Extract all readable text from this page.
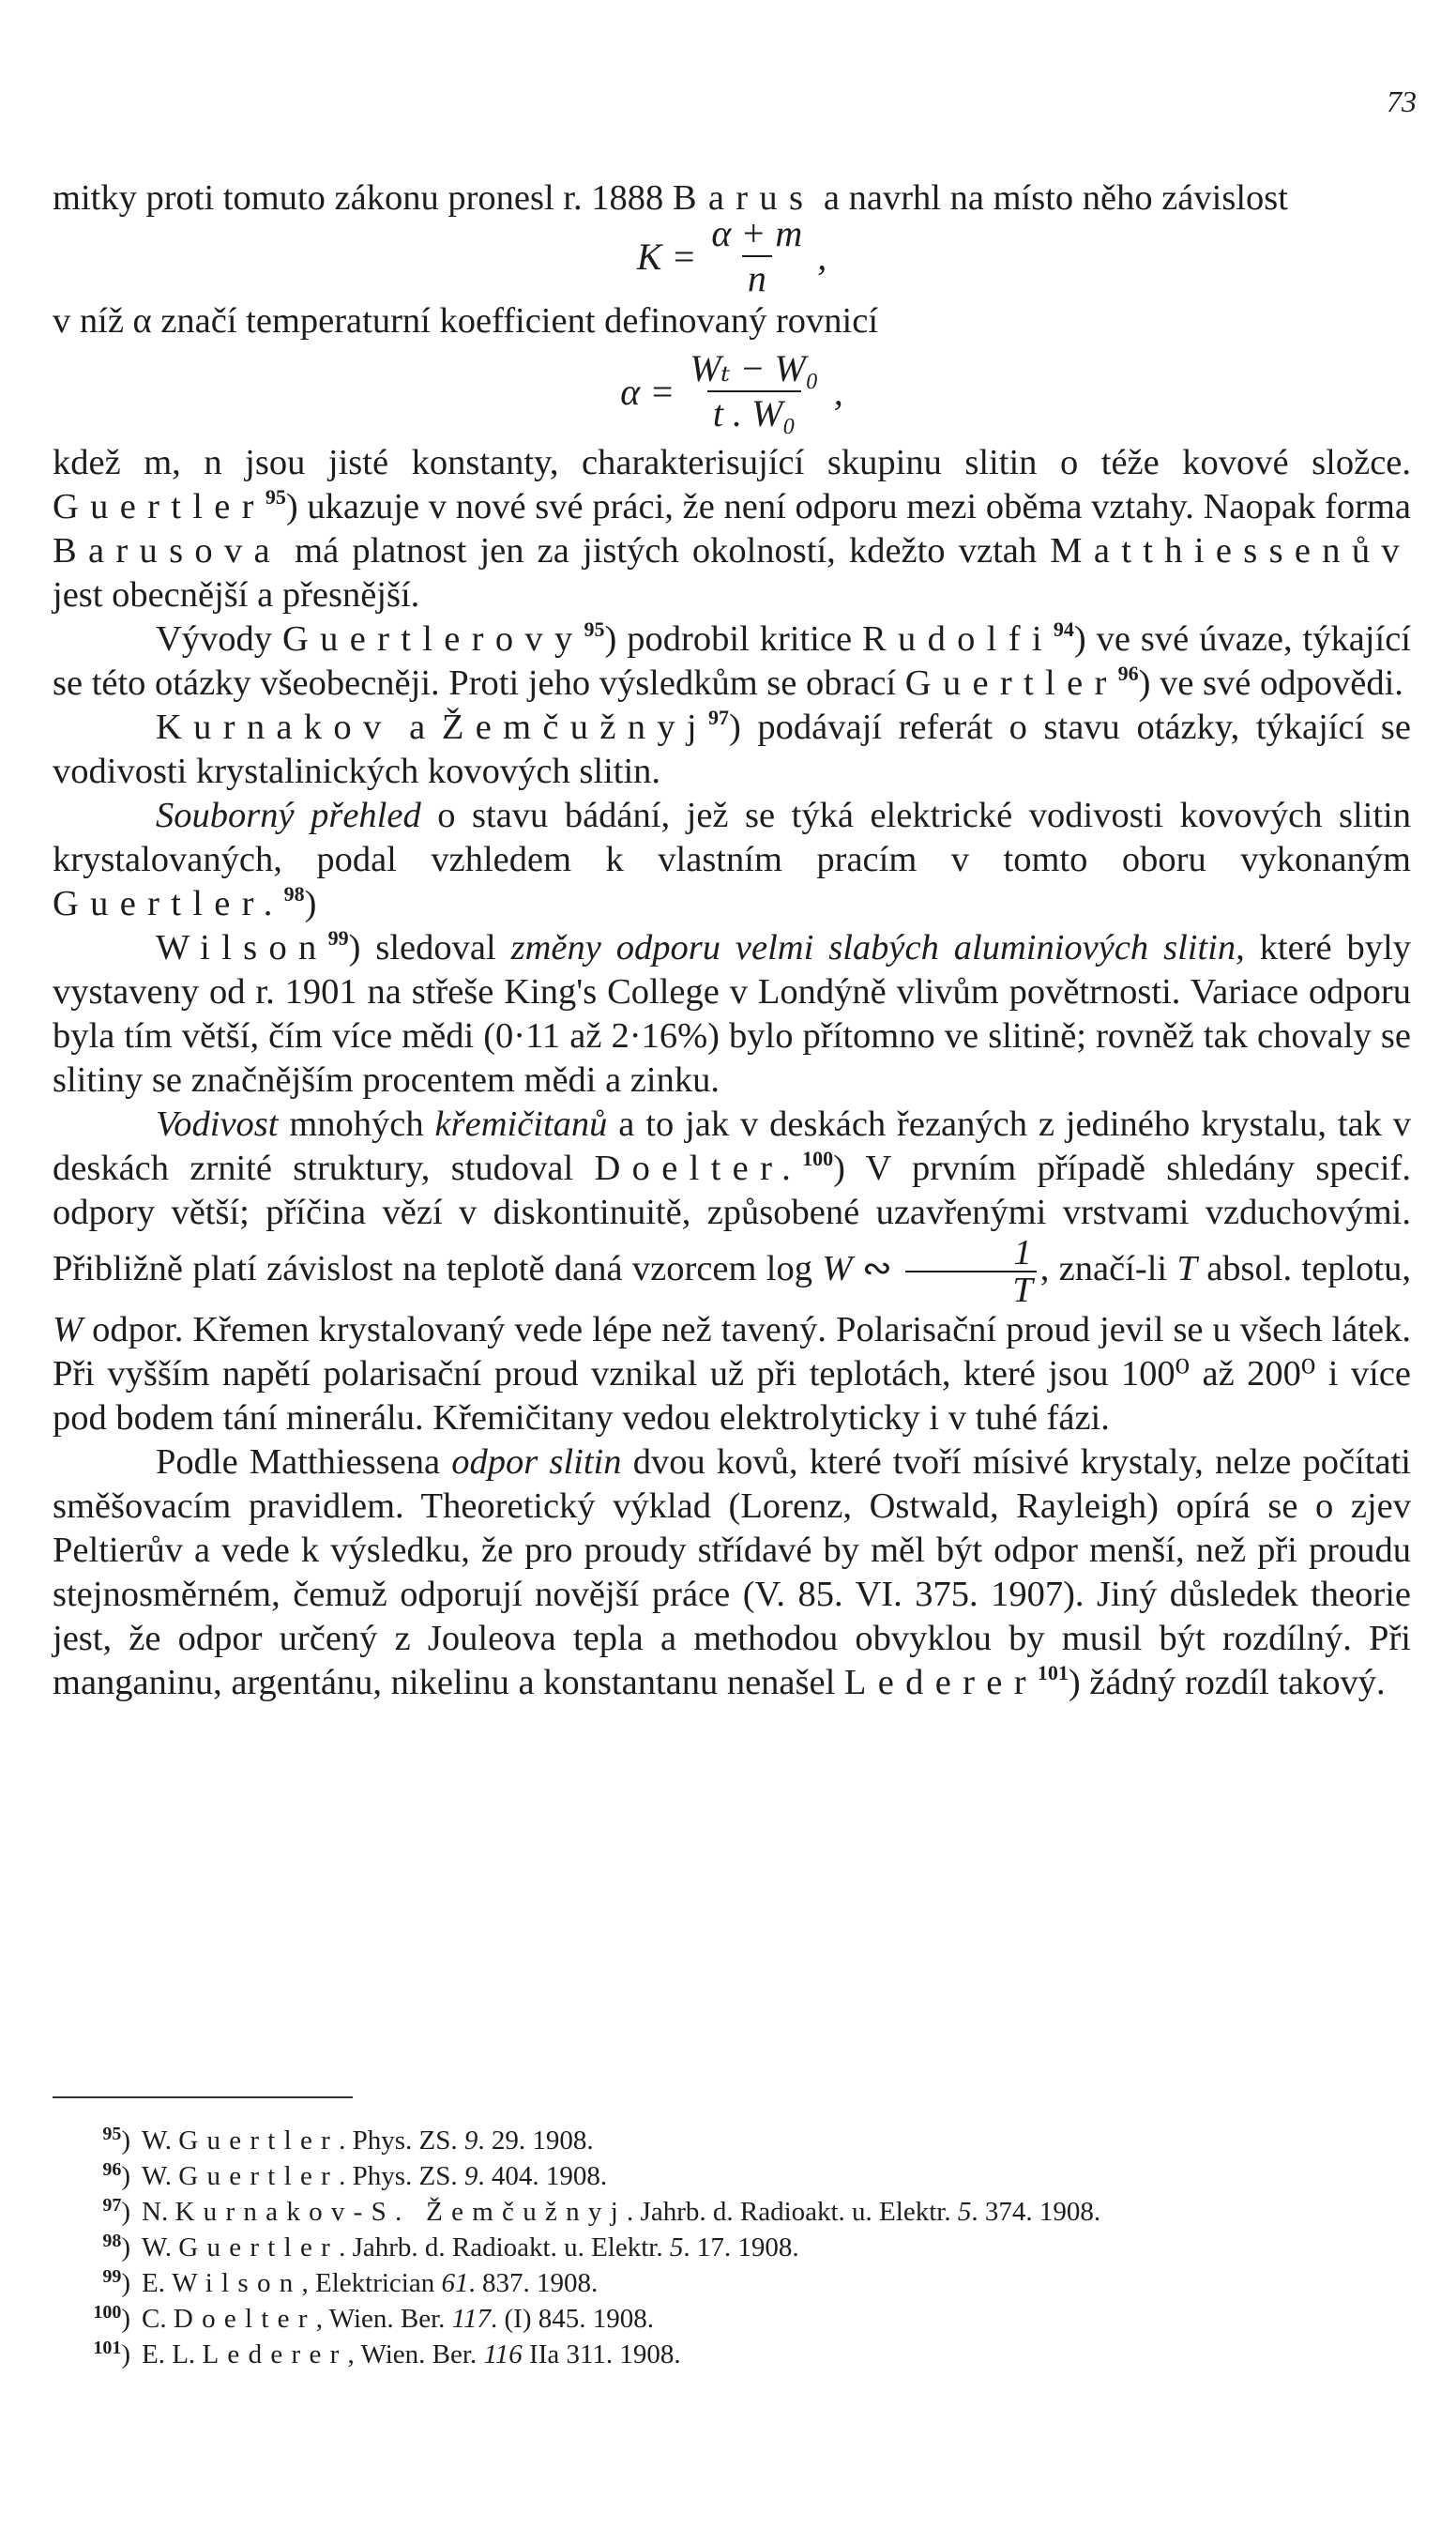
73

mitky proti tomuto zákonu pronesl r. 1888 Barus a navrhl na místo něho závislost

$K = \frac{\alpha + m}{n}$ ,

v níž α značí temperaturní koefficient definovaný rovnicí

$\alpha = \frac{\text{Wₜ − W₀}}{\text{t . W₀}}$ ,

kdež m, n jsou jisté konstanty, charakterisující skupinu slitin o téže kovové složce. Guertler$^{95}$) ukazuje v nové své práci, že není odporu mezi oběma vztahy. Naopak forma Barusova má platnost jen za jistých okolností, kdežto vztah Matthiessenův jest obecnější a přesnější.

Vývody Guertlerovy$^{95}$) podrobil kritice Rudolfi$^{94}$) ve své úvaze, týkající se této otázky všeobecněji. Proti jeho výsledkům se obrací Guertler$^{96}$) ve své odpovědi.

Kurnakov a Žemčužnyj$^{97}$) podávají referát o stavu otázky, týkající se vodivosti krystalinických kovových slitin.

Souborný přehled o stavu bádání, jež se týká elektrické vodivosti kovových slitin krystalovaných, podal vzhledem k vlastním pracím v tomto oboru vykonaným Guertler.$^{98}$)

Wilson$^{99}$) sledoval změny odporu velmi slabých aluminiových slitin, které byly vystaveny od r. 1901 na střeše King's College v Londýně vlivům povětrnosti. Variace odporu byla tím větší, čím více mědi (0·11 až 2·16%) bylo přítomno ve slitině; rovněž tak chovaly se slitiny se značnějším procentem mědi a zinku.

Vodivost mnohých křemičitanů a to jak v deskách řezaných z jediného krystalu, tak v deskách zrnité struktury, studoval Doelter.$^{100}$) V prvním případě shledány specif. odpory větší; příčina vězí v diskontinuitě, způsobené uzavřenými vrstvami vzduchovými. Přibližně platí závislost na teplotě daná vzorcem log W ∾ $\frac{1}{T}$ , značí-li T absol. teplotu, W odpor. Křemen krystalovaný vede lépe než tavený. Polarisační proud jevil se u všech látek. Při vyšším napětí polarisační proud vznikal už při teplotách, které jsou 100⁰ až 200⁰ i více pod bodem tání minerálu. Křemičitany vedou elektrolyticky i v tuhé fázi.

Podle Matthiessena odpor slitin dvou kovů, které tvoří mísivé krystaly, nelze počítati směšovacím pravidlem. Theoretický výklad (Lorenz, Ostwald, Rayleigh) opírá se o zjev Peltierův a vede k výsledku, že pro proudy střídavé by měl být odpor menší, než při proudu stejnosměrném, čemuž odporují novější práce (V. 85. VI. 375. 1907). Jiný důsledek theorie jest, že odpor určený z Jouleova tepla a methodou obvyklou by musil být rozdílný. Při manganinu, argentánu, nikelinu a konstantanu nenašel Lederer$^{101}$) žádný rozdíl takový.

$^{95}$) W. Guertler. Phys. ZS. 9. 29. 1908.

$^{96}$) W. Guertler. Phys. ZS. 9. 404. 1908.

$^{97}$) N. Kurnakov-S. Žemčužnyj. Jahrb. d. Radioakt. u. Elektr. 5. 374. 1908.

$^{98}$) W. Guertler. Jahrb. d. Radioakt. u. Elektr. 5. 17. 1908.

$^{99}$) E. Wilson, Elektrician 61. 837. 1908.

$^{100}$) C. Doelter, Wien. Ber. 117. (I) 845. 1908.

$^{101}$) E. L. Lederer, Wien. Ber. 116 IIa 311. 1908.
